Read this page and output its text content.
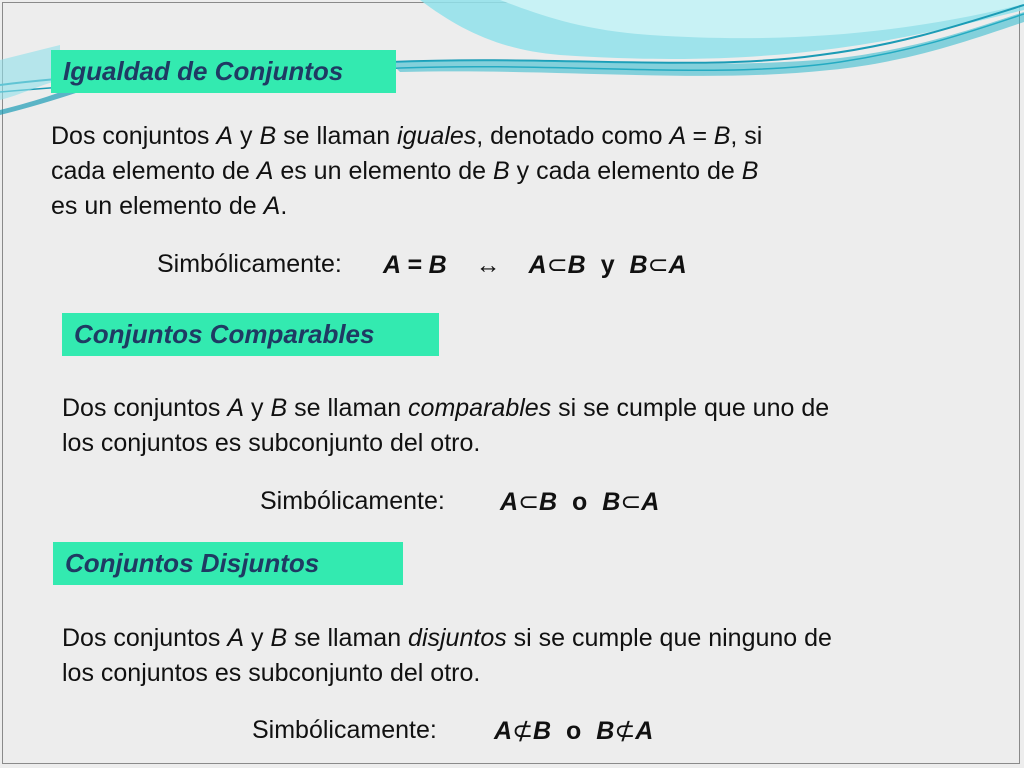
Igualdad de Conjuntos

Dos conjuntos A y B se llaman iguales, denotado como A = B, si
cada elemento de A es un elemento de B y cada elemento de B
es un elemento de A.

Simbólicamente: A = B ↔ A⊂B y B⊂A
Conjuntos Comparables

Dos conjuntos A y B se llaman comparables si se cumple que uno de
los conjuntos es subconjunto del otro.

Simbólicamente: A⊂B o B⊂A
Conjuntos Disjuntos

Dos conjuntos A y B se llaman disjuntos si se cumple que ninguno de
los conjuntos es subconjunto del otro.

Simbólicamente: A⊄B o B⊄A
